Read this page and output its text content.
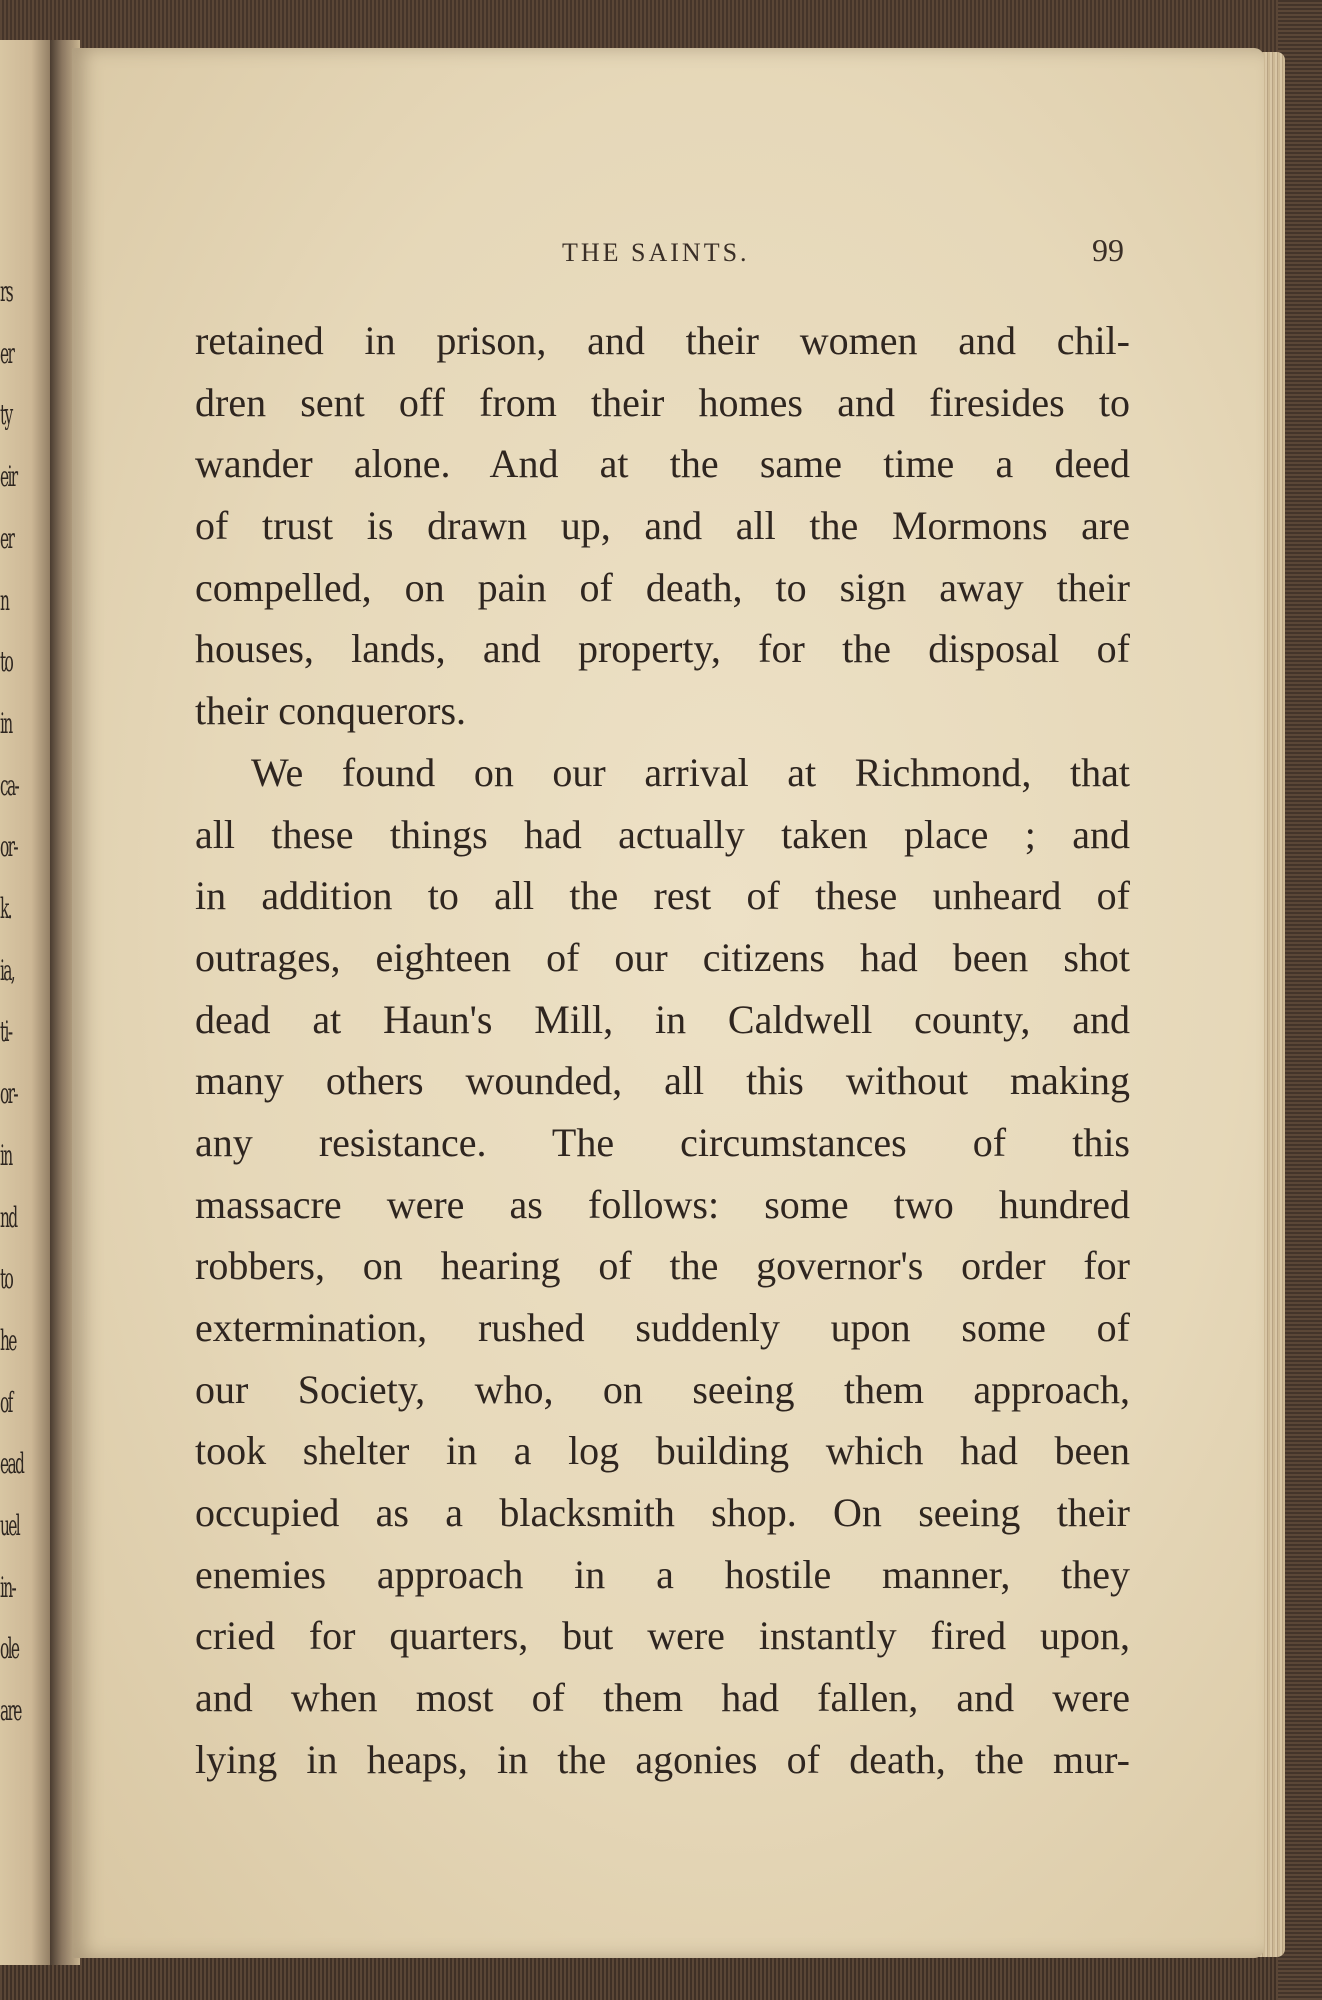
rs
er
ty
eir
er
n
to
in
ca-
or-
k.
ia,
ti-
or-
in
nd
to
he
of
ead
uel
in-
ole
are
THE SAINTS.	99
retained in prison, and their women and chil-
dren sent off from their homes and firesides to
wander alone. And at the same time a deed
of trust is drawn up, and all the Mormons are
compelled, on pain of death, to sign away their
houses, lands, and property, for the disposal of
their conquerors.
We found on our arrival at Richmond, that
all these things had actually taken place ; and
in addition to all the rest of these unheard of
outrages, eighteen of our citizens had been shot
dead at Haun's Mill, in Caldwell county, and
many others wounded, all this without making
any resistance. The circumstances of this
massacre were as follows: some two hundred
robbers, on hearing of the governor's order for
extermination, rushed suddenly upon some of
our Society, who, on seeing them approach,
took shelter in a log building which had been
occupied as a blacksmith shop. On seeing their
enemies approach in a hostile manner, they
cried for quarters, but were instantly fired upon,
and when most of them had fallen, and were
lying in heaps, in the agonies of death, the mur-
